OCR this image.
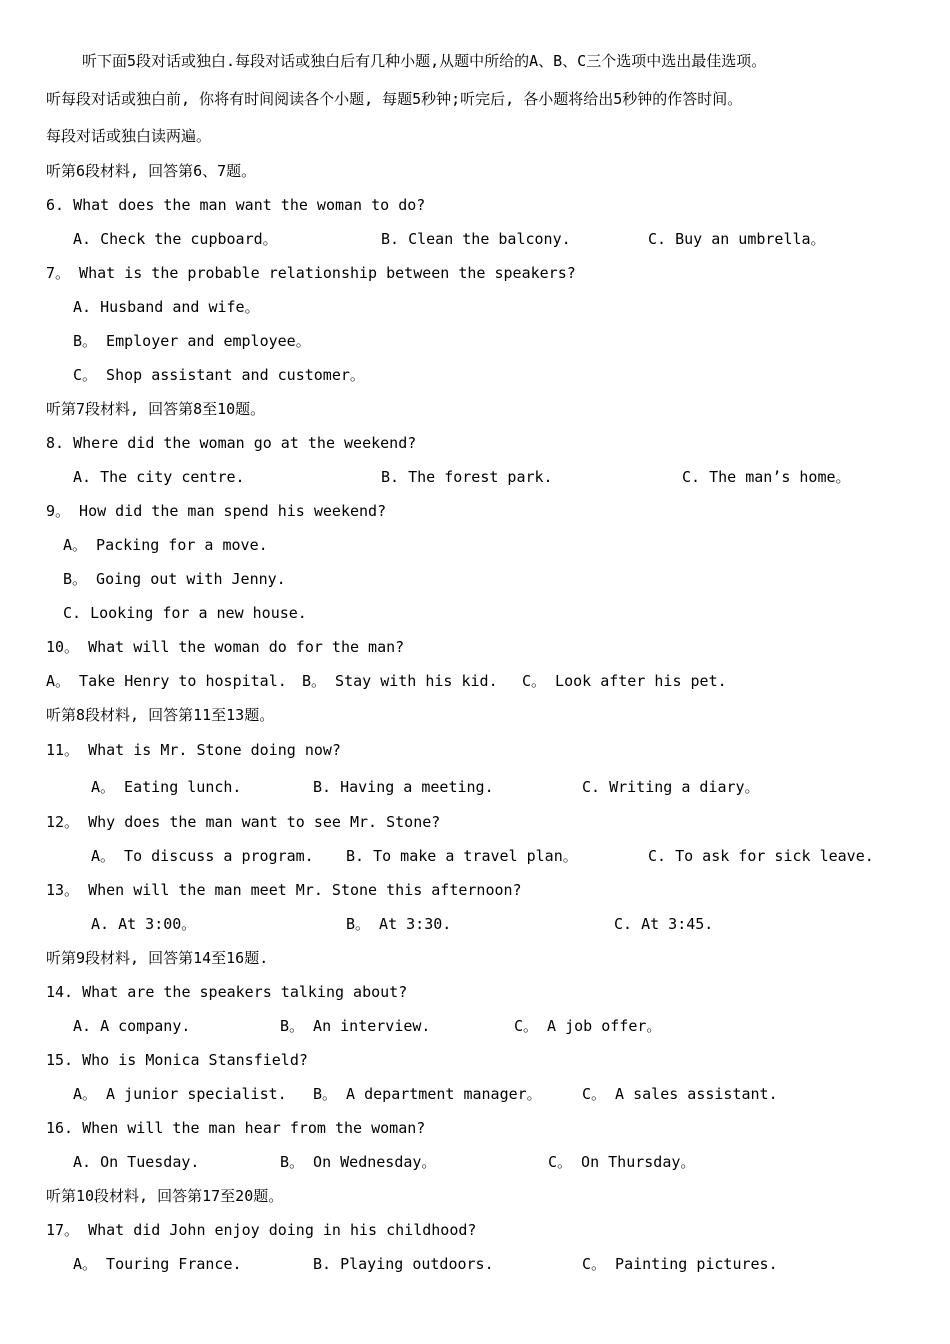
听下面5段对话或独白.每段对话或独白后有几种小题,从题中所给的A、B、C三个选项中选出最佳选项。
听每段对话或独白前, 你将有时间阅读各个小题, 每题5秒钟;听完后, 各小题将给出5秒钟的作答时间。
每段对话或独白读两遍。
听第6段材料, 回答第6、7题。
6. What does the man want the woman to do?
A. Check the cupboard。	B. Clean the balcony.	C. Buy an umbrella。
7。 What is the probable relationship between the speakers?
A. Husband and wife。
B。 Employer and employee。
C。 Shop assistant and customer。
听第7段材料, 回答第8至10题。
8. Where did the woman go at the weekend?
A. The city centre.	B. The forest park.	C. The man’s home。
9。 How did the man spend his weekend?
A。 Packing for a move.
B。 Going out with Jenny.
C. Looking for a new house.
10。 What will the woman do for the man?
A。 Take Henry to hospital. B。 Stay with his kid. C。 Look after his pet.
听第8段材料, 回答第11至13题。
11。 What is Mr. Stone doing now?
A。 Eating lunch.	B. Having a meeting.	C. Writing a diary。
12。 Why does the man want to see Mr. Stone?
A。 To discuss a program. B. To make a travel plan。	C. To ask for sick leave.
13。 When will the man meet Mr. Stone this afternoon?
A. At 3:00。	B。 At 3:30.	C. At 3:45.
听第9段材料, 回答第14至16题.
14. What are the speakers talking about?
A. A company.	B。 An interview.	C。 A job offer。
15. Who is Monica Stansfield?
A。 A junior specialist. B。 A department manager。	C。 A sales assistant.
16. When will the man hear from the woman?
A. On Tuesday.	B。 On Wednesday。	C。 On Thursday。
听第10段材料, 回答第17至20题。
17。 What did John enjoy doing in his childhood?
A。 Touring France.	B. Playing outdoors.	C。 Painting pictures.
